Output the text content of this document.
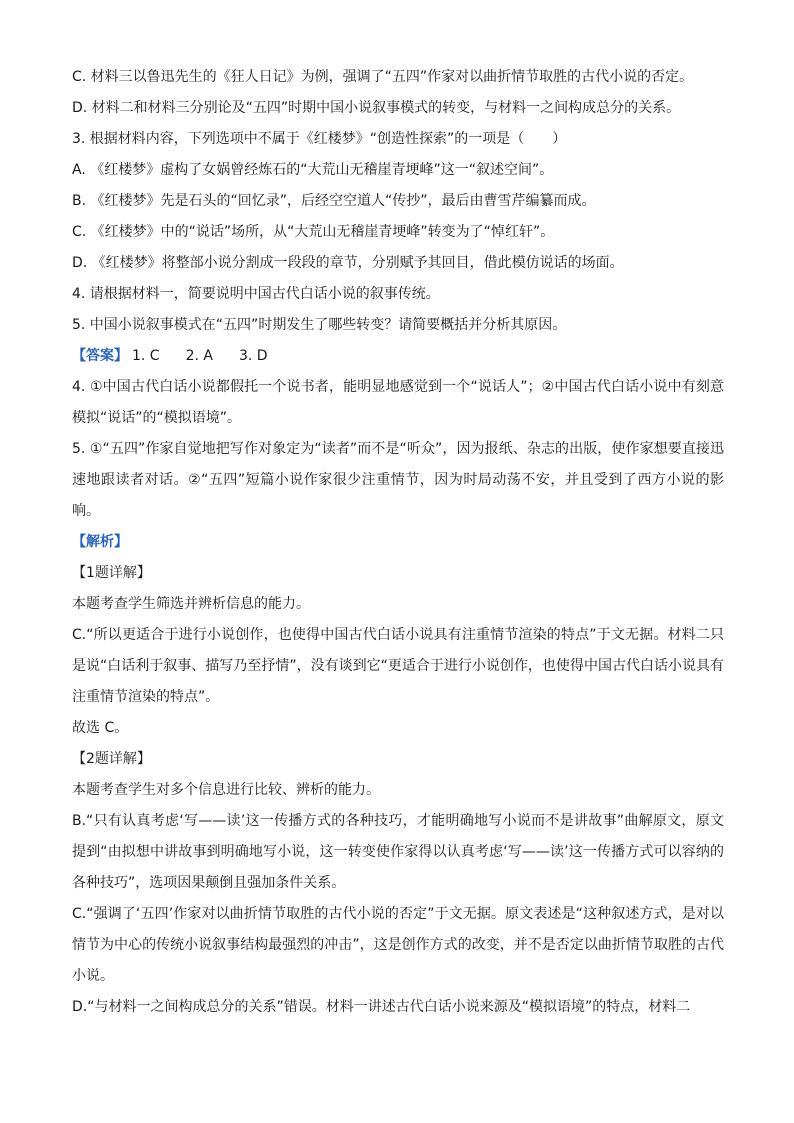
C. 材料三以鲁迅先生的《狂人日记》为例，强调了“五四”作家对以曲折情节取胜的古代小说的否定。
D. 材料二和材料三分别论及“五四”时期中国小说叙事模式的转变，与材料一之间构成总分的关系。
3. 根据材料内容，下列选项中不属于《红楼梦》“创造性探索”的一项是（　　）
A. 《红楼梦》虚构了女娲曾经炼石的“大荒山无稽崖青埂峰”这一“叙述空间”。
B. 《红楼梦》先是石头的“回忆录”，后经空空道人“传抄”，最后由曹雪芹编纂而成。
C. 《红楼梦》中的“说话”场所，从“大荒山无稽崖青埂峰”转变为了“悼红轩”。
D. 《红楼梦》将整部小说分割成一段段的章节，分别赋予其回目，借此模仿说话的场面。
4. 请根据材料一，简要说明中国古代白话小说的叙事传统。
5. 中国小说叙事模式在“五四”时期发生了哪些转变？请简要概括并分析其原因。
【答案】 1. C 2. A 3. D
4. ①中国古代白话小说都假托一个说书者，能明显地感觉到一个“说话人”；②中国古代白话小说中有刻意模拟“说话”的“模拟语境”。
5. ①“五四”作家自觉地把写作对象定为“读者”而不是“听众”，因为报纸、杂志的出版，使作家想要直接迅速地跟读者对话。②“五四”短篇小说作家很少注重情节，因为时局动荡不安，并且受到了西方小说的影响。
【解析】
【1题详解】
本题考查学生筛选并辨析信息的能力。
C.“所以更适合于进行小说创作，也使得中国古代白话小说具有注重情节渲染的特点”于文无据。材料二只是说“白话利于叙事、描写乃至抒情”，没有谈到它“更适合于进行小说创作，也使得中国古代白话小说具有注重情节渲染的特点”。
故选 C。
【2题详解】
本题考查学生对多个信息进行比较、辨析的能力。
B.“只有认真考虑‘写——读’这一传播方式的各种技巧，才能明确地写小说而不是讲故事”曲解原文，原文提到“由拟想中讲故事到明确地写小说，这一转变使作家得以认真考虑‘写——读’这一传播方式可以容纳的各种技巧”，选项因果颠倒且强加条件关系。
C.“强调了‘五四’作家对以曲折情节取胜的古代小说的否定”于文无据。原文表述是“这种叙述方式，是对以情节为中心的传统小说叙事结构最强烈的冲击”，这是创作方式的改变，并不是否定以曲折情节取胜的古代小说。
D.“与材料一之间构成总分的关系”错误。材料一讲述古代白话小说来源及“模拟语境”的特点，材料二
